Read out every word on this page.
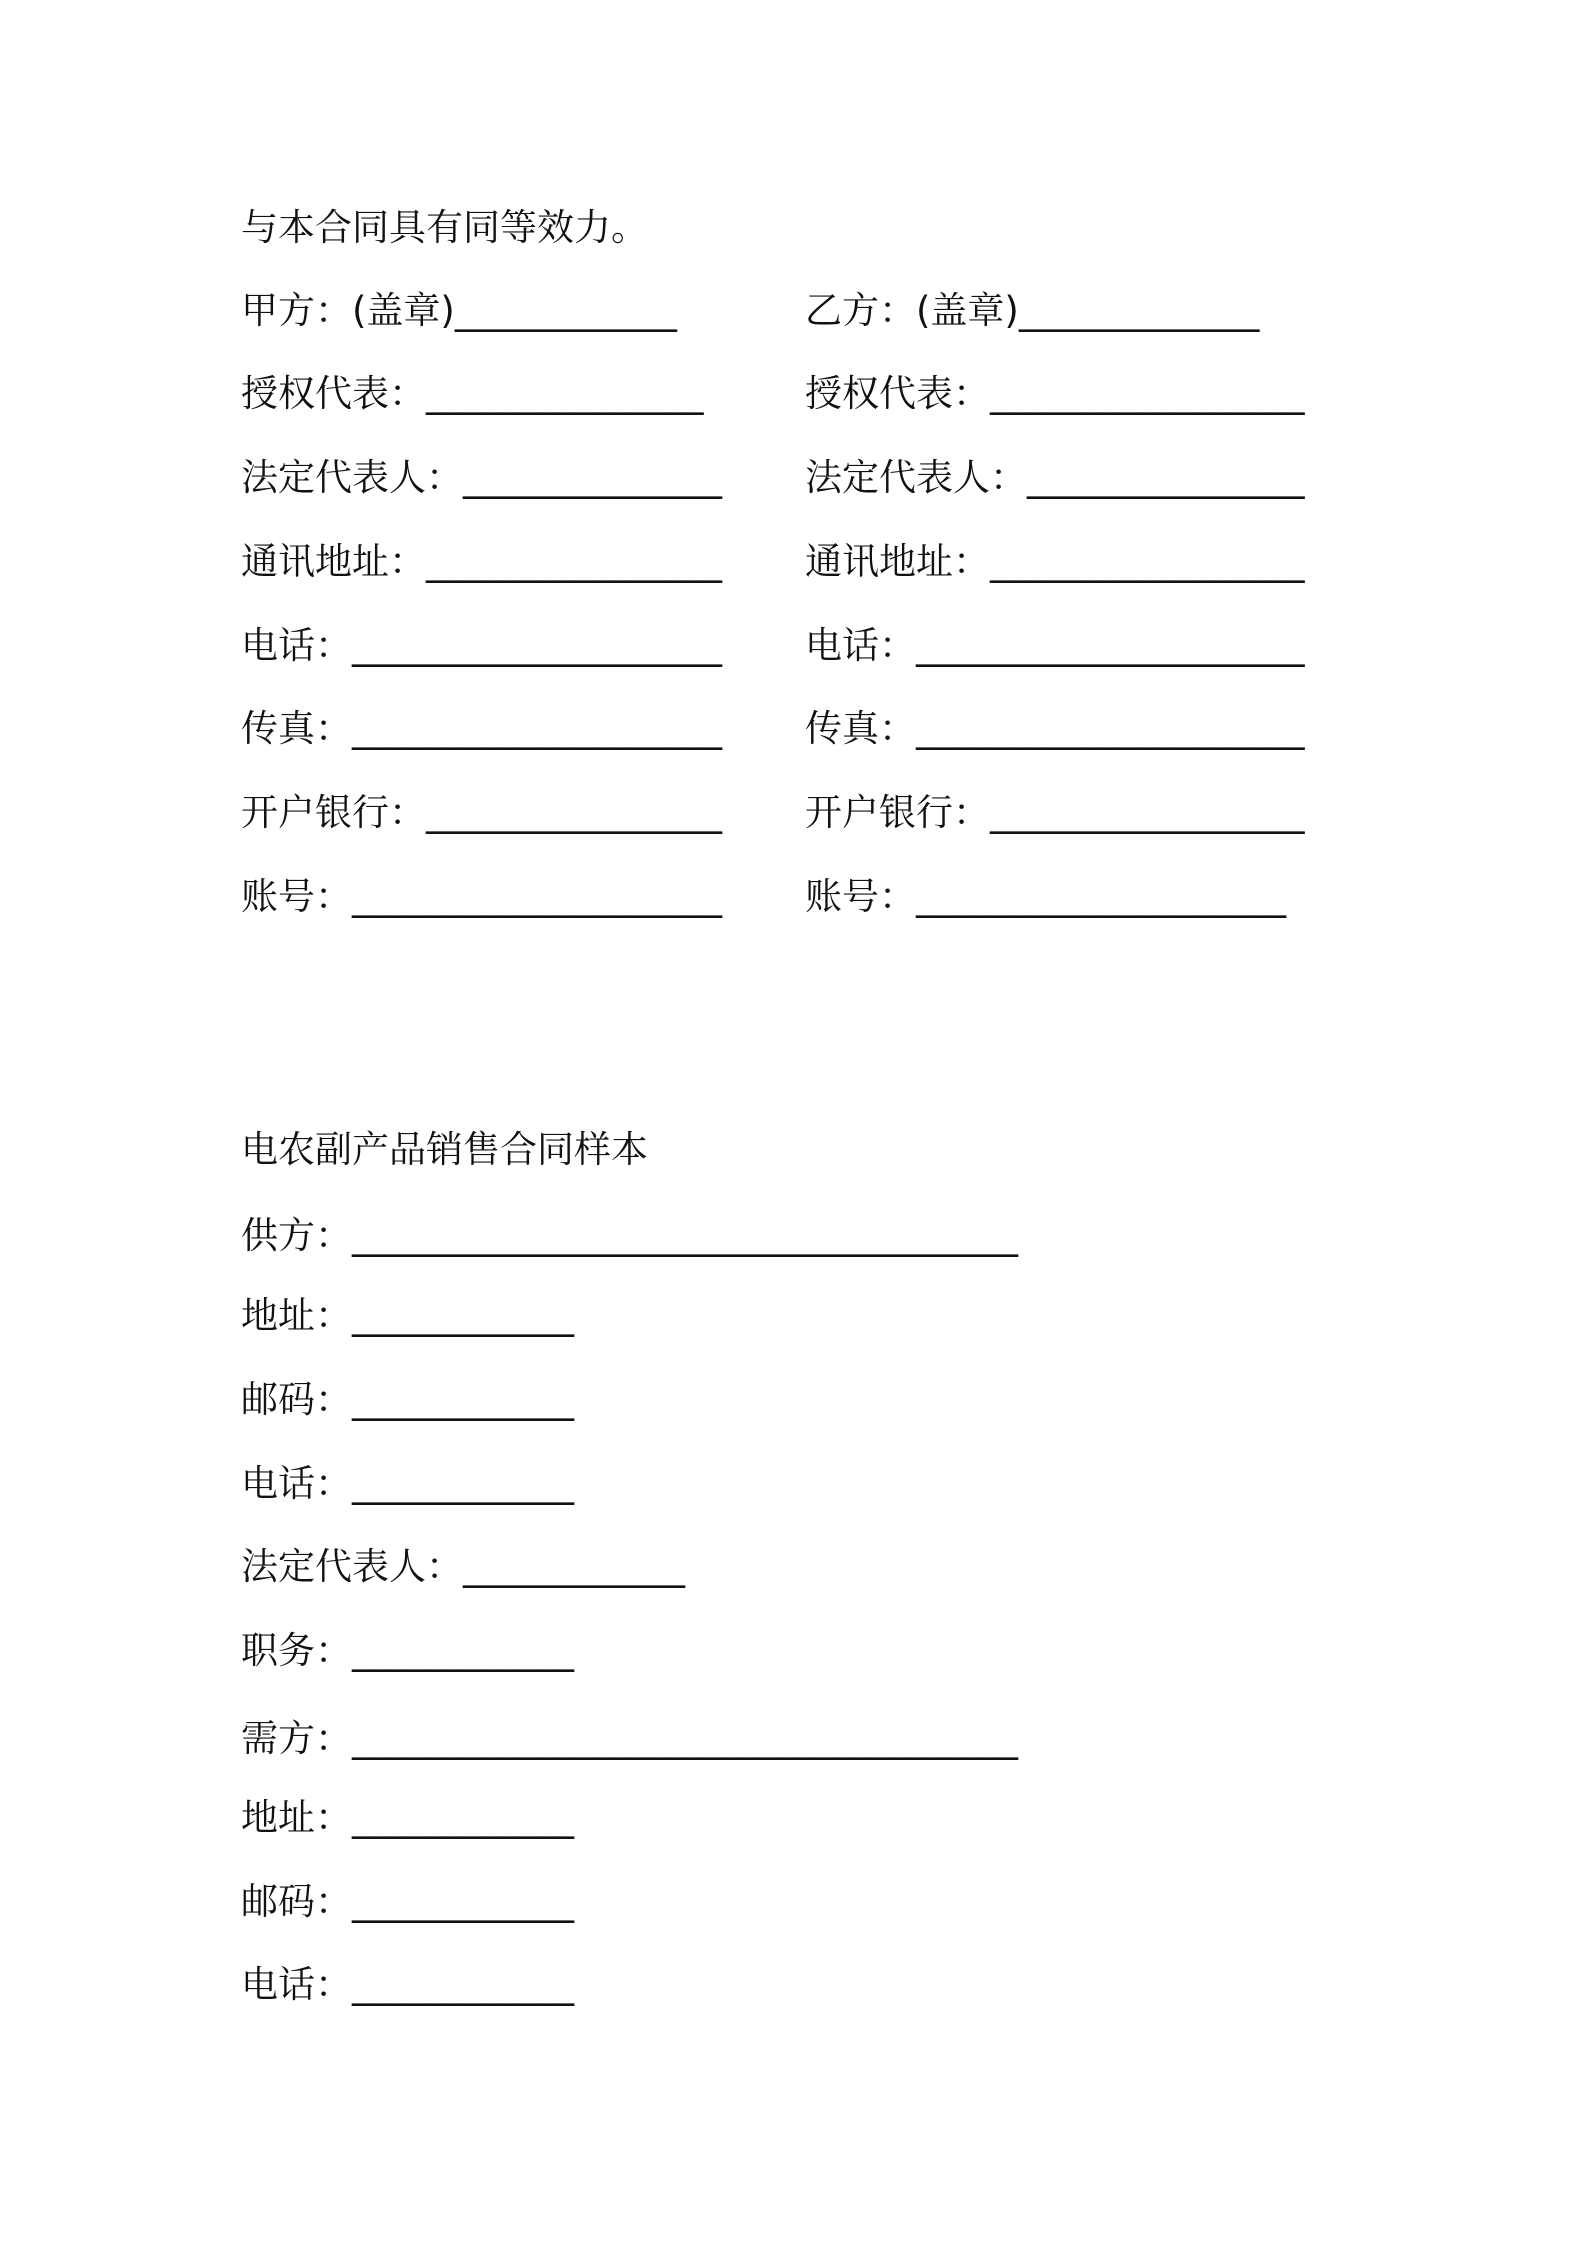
与本合同具有同等效力。
甲方：(盖章)____________
授权代表：_______________
法定代表人：______________
通讯地址：________________
电话：____________________
传真：____________________
开户银行：________________
账号：____________________
乙方：(盖章)_____________
授权代表：_________________
法定代表人：_______________
通讯地址：_________________
电话：_____________________
传真：_____________________
开户银行：_________________
账号：____________________
电农副产品销售合同样本
供方：____________________________________
地址：____________
邮码：____________
电话：____________
法定代表人：____________
职务：____________
需方：____________________________________
地址：____________
邮码：____________
电话：____________
